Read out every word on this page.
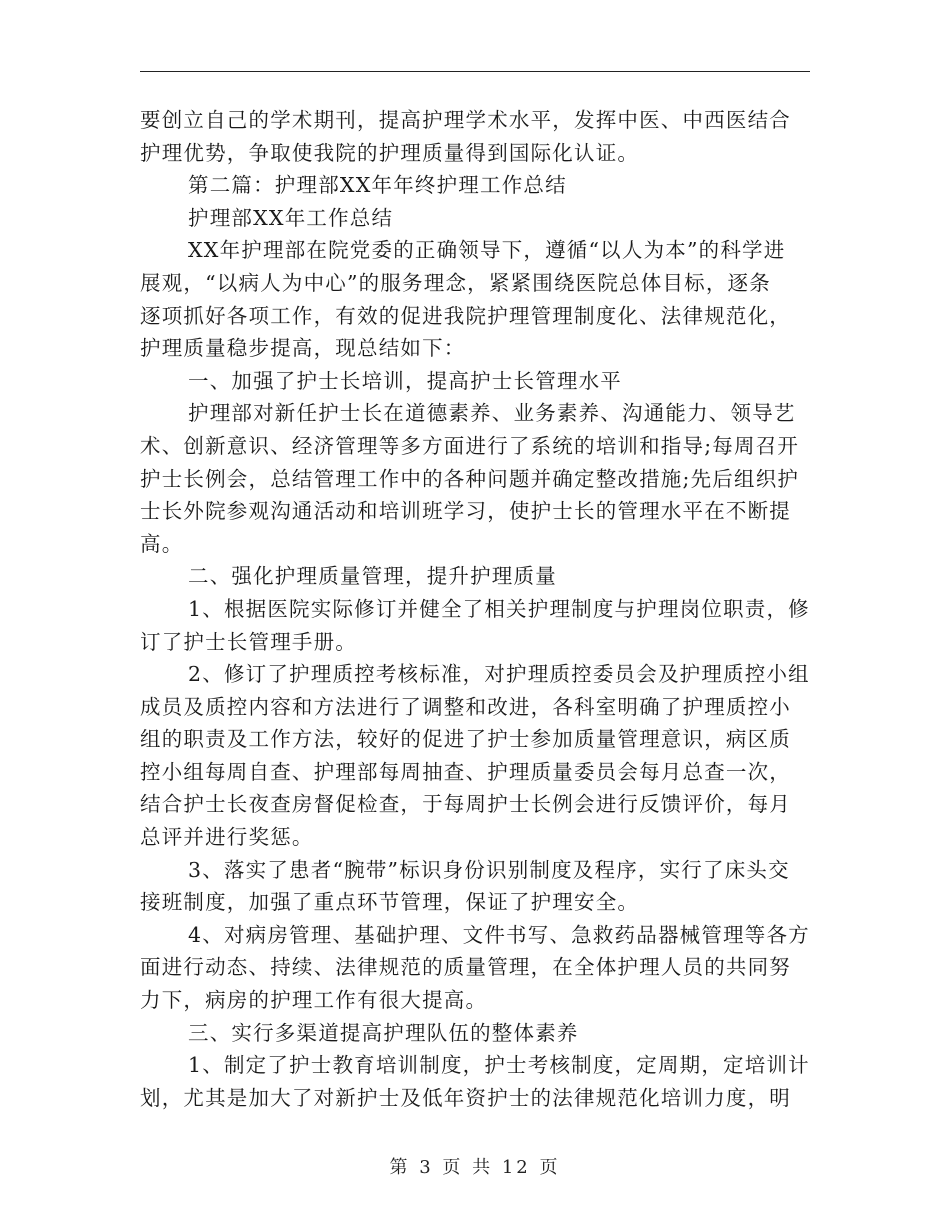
要创立自己的学术期刊，提高护理学术水平，发挥中医、中西医结合
护理优势，争取使我院的护理质量得到国际化认证。
第二篇：护理部XX年年终护理工作总结
护理部XX年工作总结
XX年护理部在院党委的正确领导下，遵循“以人为本”的科学进
展观，“以病人为中心”的服务理念，紧紧围绕医院总体目标，逐条
逐项抓好各项工作，有效的促进我院护理管理制度化、法律规范化，
护理质量稳步提高，现总结如下：
一、加强了护士长培训，提高护士长管理水平
护理部对新任护士长在道德素养、业务素养、沟通能力、领导艺
术、创新意识、经济管理等多方面进行了系统的培训和指导;每周召开
护士长例会，总结管理工作中的各种问题并确定整改措施;先后组织护
士长外院参观沟通活动和培训班学习，使护士长的管理水平在不断提
高。
二、强化护理质量管理，提升护理质量
1、根据医院实际修订并健全了相关护理制度与护理岗位职责，修
订了护士长管理手册。
2、修订了护理质控考核标准，对护理质控委员会及护理质控小组
成员及质控内容和方法进行了调整和改进，各科室明确了护理质控小
组的职责及工作方法，较好的促进了护士参加质量管理意识，病区质
控小组每周自查、护理部每周抽查、护理质量委员会每月总查一次，
结合护士长夜查房督促检查，于每周护士长例会进行反馈评价，每月
总评并进行奖惩。
3、落实了患者“腕带”标识身份识别制度及程序，实行了床头交
接班制度，加强了重点环节管理，保证了护理安全。
4、对病房管理、基础护理、文件书写、急救药品器械管理等各方
面进行动态、持续、法律规范的质量管理，在全体护理人员的共同努
力下，病房的护理工作有很大提高。
三、实行多渠道提高护理队伍的整体素养
1、制定了护士教育培训制度，护士考核制度，定周期，定培训计
划，尤其是加大了对新护士及低年资护士的法律规范化培训力度，明

第 3 页 共 12 页
